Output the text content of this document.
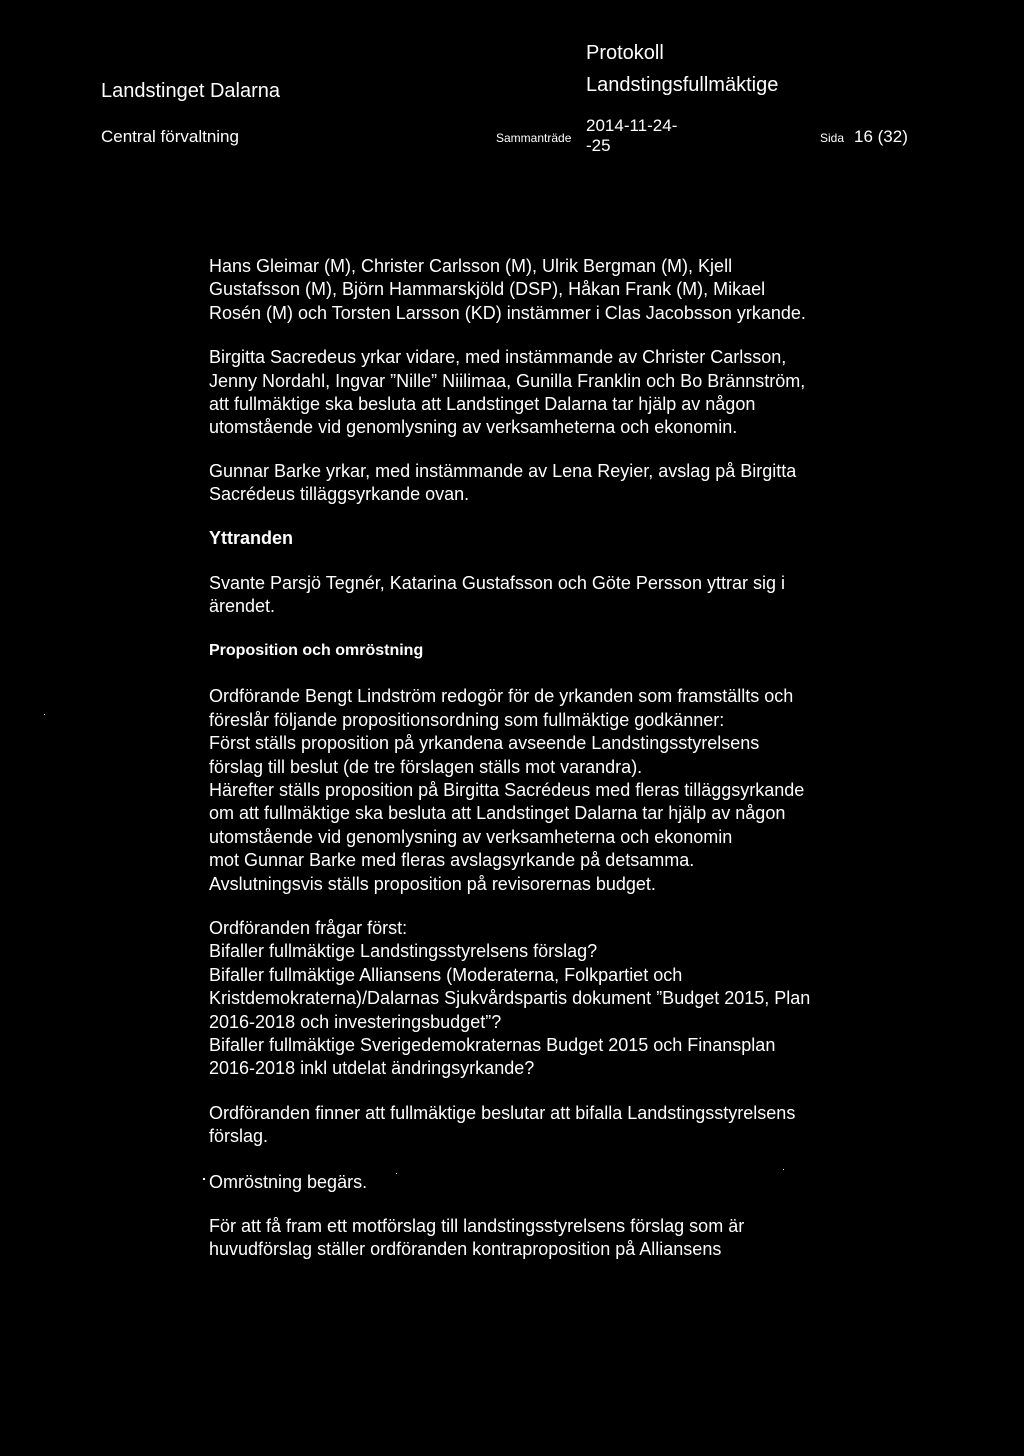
Landstinget Dalarna
Protokoll
Landstingsfullmäktige
Central förvaltning	Sammanträde
2014-11-24-
-25	Sida 16 (32)

Hans Gleimar (M), Christer Carlsson (M), Ulrik Bergman (M), Kjell
Gustafsson (M), Björn Hammarskjöld (DSP), Håkan Frank (M), Mikael
Rosén (M) och Torsten Larsson (KD) instämmer i Clas Jacobsson yrkande.

Birgitta Sacredeus yrkar vidare, med instämmande av Christer Carlsson,
Jenny Nordahl, Ingvar ”Nille” Niilimaa, Gunilla Franklin och Bo Brännström,
att fullmäktige ska besluta att Landstinget Dalarna tar hjälp av någon
utomstående vid genomlysning av verksamheterna och ekonomin.

Gunnar Barke yrkar, med instämmande av Lena Reyier, avslag på Birgitta
Sacrédeus tilläggsyrkande ovan.

Yttranden

Svante Parsjö Tegnér, Katarina Gustafsson och Göte Persson yttrar sig i
ärendet.

Proposition och omröstning

Ordförande Bengt Lindström redogör för de yrkanden som framställts och
föreslår följande propositionsordning som fullmäktige godkänner:
Först ställs proposition på yrkandena avseende Landstingsstyrelsens
förslag till beslut (de tre förslagen ställs mot varandra).
Härefter ställs proposition på Birgitta Sacrédeus med fleras tilläggsyrkande
om att fullmäktige ska besluta att Landstinget Dalarna tar hjälp av någon
utomstående vid genomlysning av verksamheterna och ekonomin
mot Gunnar Barke med fleras avslagsyrkande på detsamma.
Avslutningsvis ställs proposition på revisorernas budget.

Ordföranden frågar först:
Bifaller fullmäktige Landstingsstyrelsens förslag?
Bifaller fullmäktige Alliansens (Moderaterna, Folkpartiet och
Kristdemokraterna)/Dalarnas Sjukvårdspartis dokument ”Budget 2015, Plan
2016-2018 och investeringsbudget”?
Bifaller fullmäktige Sverigedemokraternas Budget 2015 och Finansplan
2016-2018 inkl utdelat ändringsyrkande?

Ordföranden finner att fullmäktige beslutar att bifalla Landstingsstyrelsens
förslag.

Omröstning begärs.

För att få fram ett motförslag till landstingsstyrelsens förslag som är
huvudförslag ställer ordföranden kontraproposition på Alliansens
